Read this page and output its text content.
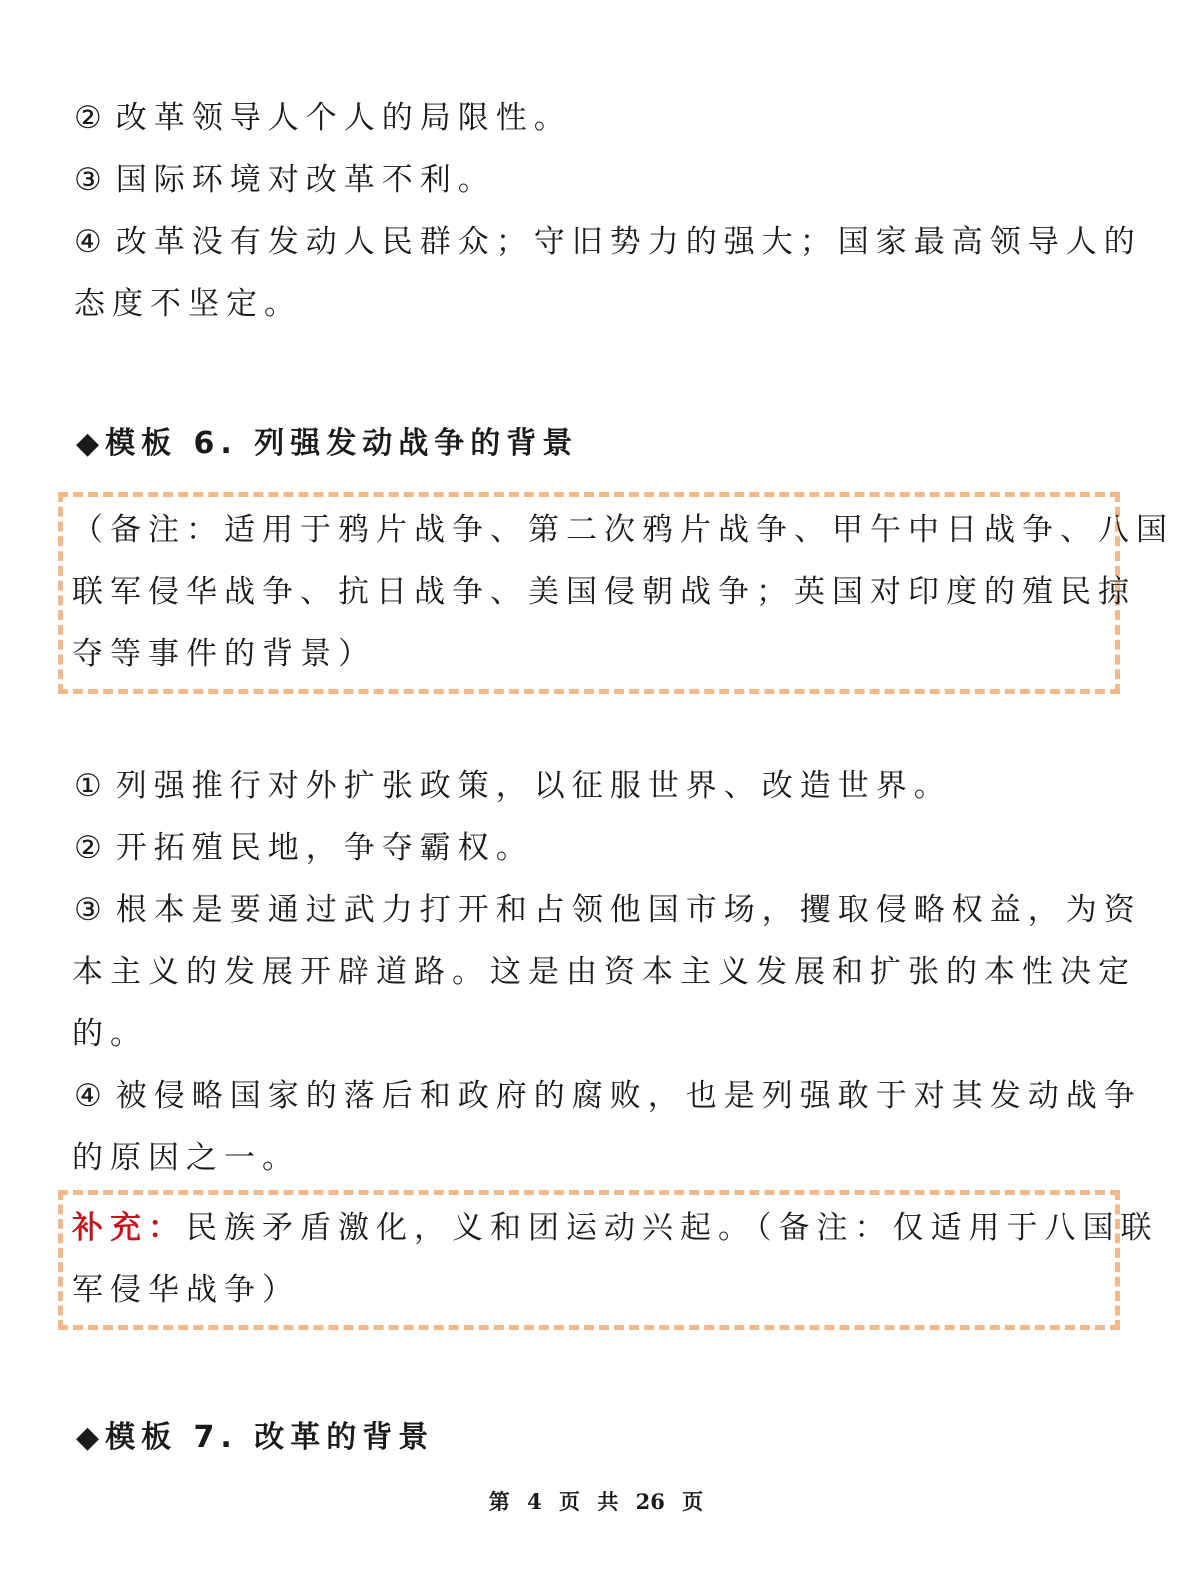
② 改革领导人个人的局限性。
③ 国际环境对改革不利。
④ 改革没有发动人民群众；守旧势力的强大；国家最高领导人的
态度不坚定。
◆ 模板 6. 列强发动战争的背景
（备注：适用于鸦片战争、第二次鸦片战争、甲午中日战争、八国
联军侵华战争、抗日战争、美国侵朝战争；英国对印度的殖民掠
夺等事件的背景）
① 列强推行对外扩张政策，以征服世界、改造世界。
② 开拓殖民地，争夺霸权。
③ 根本是要通过武力打开和占领他国市场，攫取侵略权益，为资
本主义的发展开辟道路。这是由资本主义发展和扩张的本性决定
的。
④ 被侵略国家的落后和政府的腐败，也是列强敢于对其发动战争
的原因之一。
补充：民族矛盾激化，义和团运动兴起。（备注：仅适用于八国联
军侵华战争）
◆ 模板 7. 改革的背景
第 4 页 共 26 页
